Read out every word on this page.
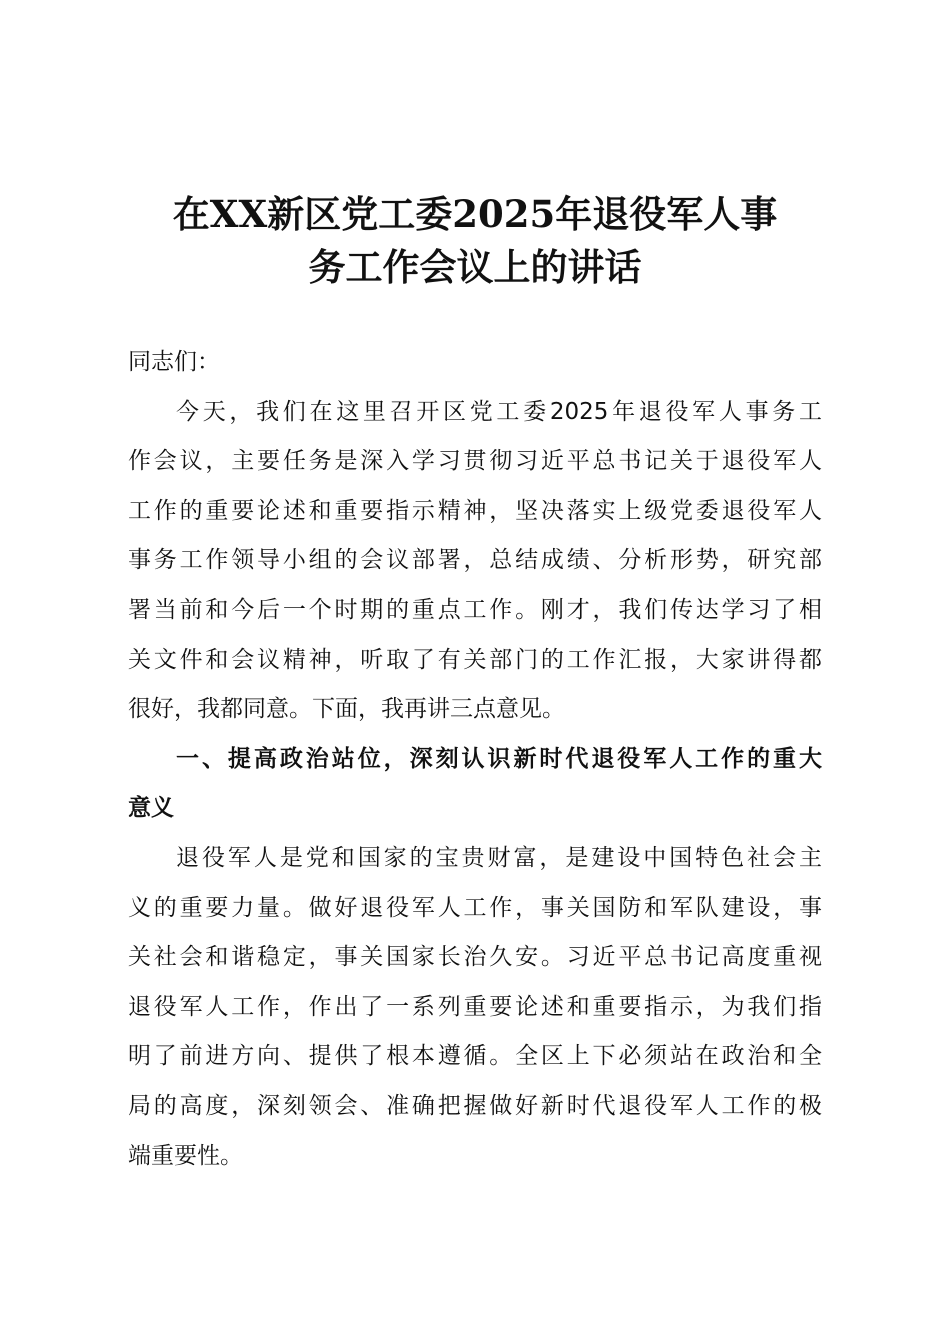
在XX新区党工委2025年退役军人事
务工作会议上的讲话
同志们：
今天，我们在这里召开区党工委2025年退役军人事务工
作会议，主要任务是深入学习贯彻习近平总书记关于退役军人
工作的重要论述和重要指示精神，坚决落实上级党委退役军人
事务工作领导小组的会议部署，总结成绩、分析形势，研究部
署当前和今后一个时期的重点工作。刚才，我们传达学习了相
关文件和会议精神，听取了有关部门的工作汇报，大家讲得都
很好，我都同意。下面，我再讲三点意见。
一、提高政治站位，深刻认识新时代退役军人工作的重大
意义
退役军人是党和国家的宝贵财富，是建设中国特色社会主
义的重要力量。做好退役军人工作，事关国防和军队建设，事
关社会和谐稳定，事关国家长治久安。习近平总书记高度重视
退役军人工作，作出了一系列重要论述和重要指示，为我们指
明了前进方向、提供了根本遵循。全区上下必须站在政治和全
局的高度，深刻领会、准确把握做好新时代退役军人工作的极
端重要性。
